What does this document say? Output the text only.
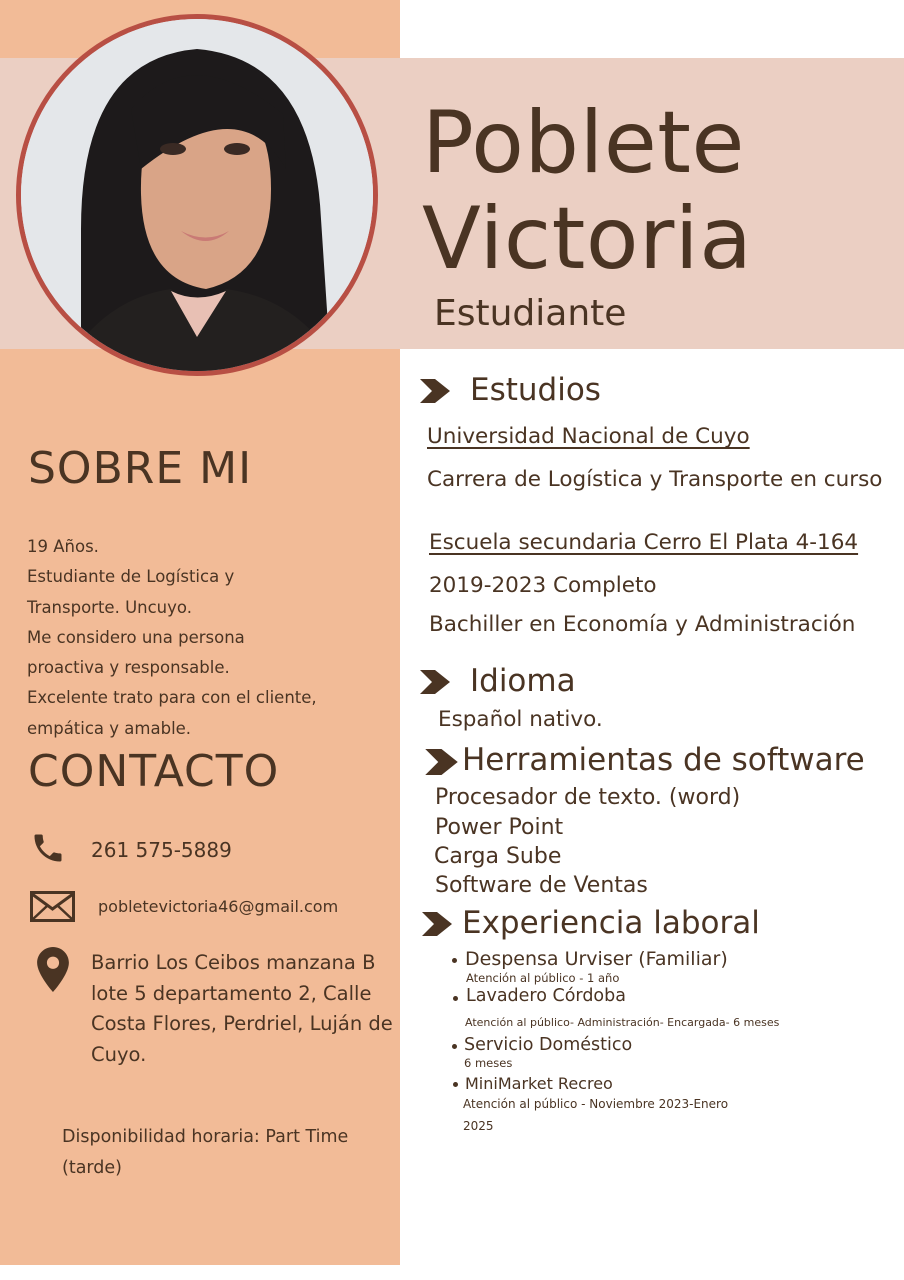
Poblete
Victoria
Estudiante
SOBRE MI
19 Años.
Estudiante de Logística y
Transporte. Uncuyo.
Me considero una persona
proactiva y responsable.
Excelente trato para con el cliente,
empática y amable.
CONTACTO
261 575-5889
pobletevictoria46@gmail.com
Barrio Los Ceibos manzana B
lote 5 departamento 2, Calle
Costa Flores, Perdriel, Luján de
Cuyo.
Disponibilidad horaria: Part Time
(tarde)
Estudios
Universidad Nacional de Cuyo
Carrera de Logística y Transporte en curso
Escuela secundaria Cerro El Plata 4-164
2019-2023 Completo
Bachiller en Economía y Administración
Idioma
Español nativo.
Herramientas de software
Procesador de texto. (word)
Power Point
Carga Sube
Software de Ventas
Experiencia laboral
Despensa Urviser (Familiar)
Atención al público - 1 año
Lavadero Córdoba
Atención al público- Administración- Encargada- 6 meses
Servicio Doméstico
6 meses
MiniMarket Recreo
Atención al público - Noviembre 2023-Enero
2025
